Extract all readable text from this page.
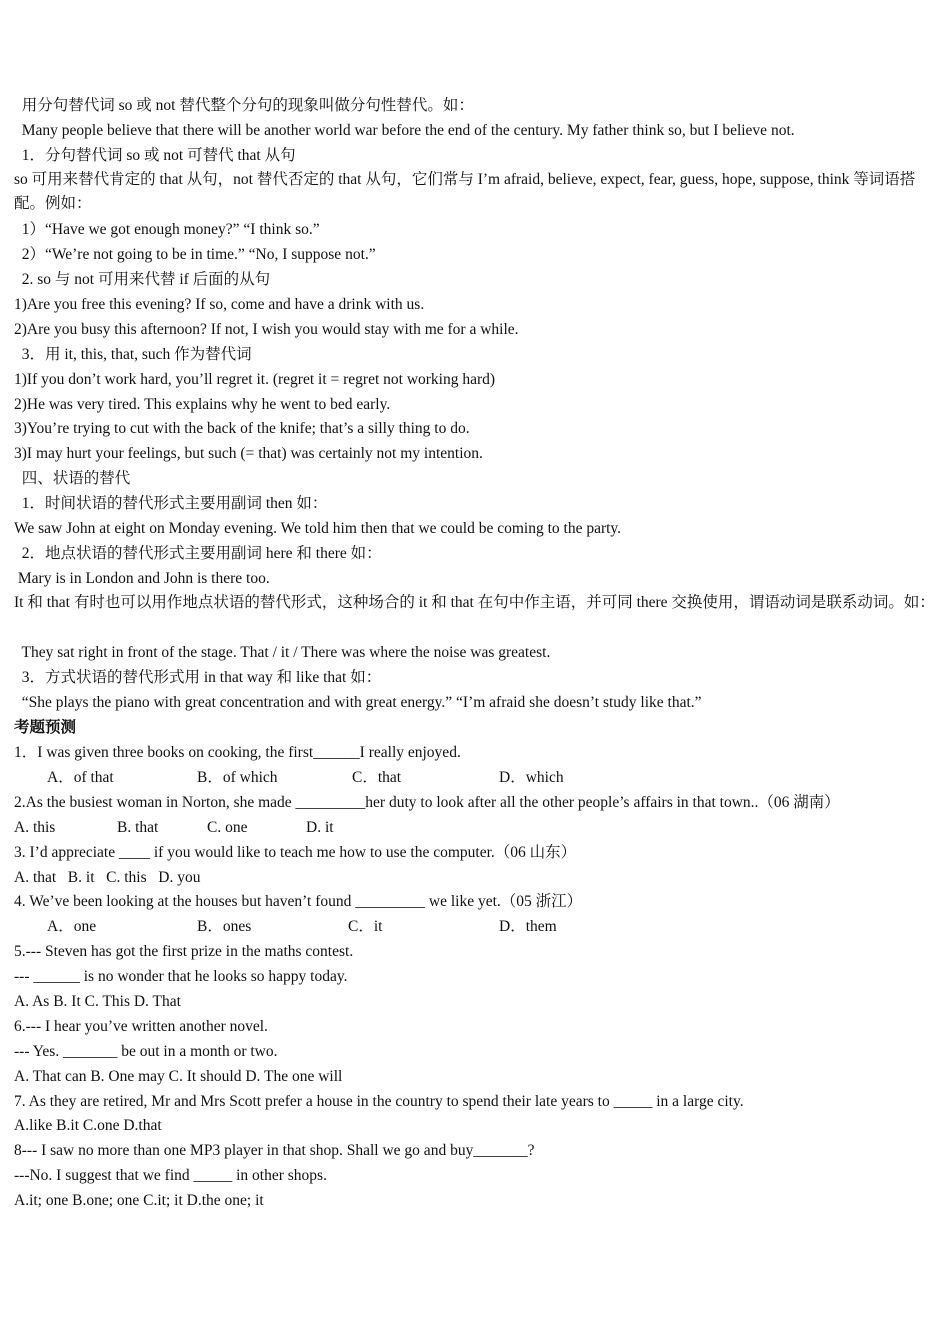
用分句替代词 so 或 not 替代整个分句的现象叫做分句性替代。如：
Many people believe that there will be another world war before the end of the century. My father think so, but I believe not.
1．分句替代词 so 或 not 可替代 that 从句
so 可用来替代肯定的 that 从句，not 替代否定的 that 从句，它们常与 I’m afraid, believe, expect, fear, guess, hope, suppose, think 等词语搭配。例如：
1）“Have we got enough money?” “I think so.”
2）“We’re not going to be in time.” “No, I suppose not.”
2. so 与 not 可用来代替 if 后面的从句
1)Are you free this evening? If so, come and have a drink with us.
2)Are you busy this afternoon? If not, I wish you would stay with me for a while.
3．用 it, this, that, such 作为替代词
1)If you don’t work hard, you’ll regret it. (regret it = regret not working hard)
2)He was very tired. This explains why he went to bed early.
3)You’re trying to cut with the back of the knife; that’s a silly thing to do.
3)I may hurt your feelings, but such (= that) was certainly not my intention.
四、状语的替代
1．时间状语的替代形式主要用副词 then 如：
We saw John at eight on Monday evening. We told him then that we could be coming to the party.
2．地点状语的替代形式主要用副词 here 和 there 如：
Mary is in London and John is there too.
It 和 that 有时也可以用作地点状语的替代形式，这种场合的 it 和 that 在句中作主语，并可同 there 交换使用，谓语动词是联系动词。如：
They sat right in front of the stage. That / it / There was where the noise was greatest.
3．方式状语的替代形式用 in that way 和 like that 如：
“She plays the piano with great concentration and with great energy.” “I’m afraid she doesn’t study like that.”
考题预测
1．I was given three books on cooking, the first______I really enjoyed.
A．of that	B．of which	C．that	D．which
2.As the busiest woman in Norton, she made _________her duty to look after all the other people’s affairs in that town..（06 湖南）
A. this	B. that	C. one	D. it
3. I’d appreciate ____ if you would like to teach me how to use the computer.（06 山东）
A. that   B. it   C. this   D. you
4. We’ve been looking at the houses but haven’t found _________ we like yet.（05 浙江）
A．one	B．ones	C．it	D．them
5.--- Steven has got the first prize in the maths contest.
--- ______ is no wonder that he looks so happy today.
A. As B. It C. This D. That
6.--- I hear you’ve written another novel.
--- Yes. _______ be out in a month or two.
A. That can B. One may C. It should D. The one will
7. As they are retired, Mr and Mrs Scott prefer a house in the country to spend their late years to _____ in a large city.
A.like B.it C.one D.that
8--- I saw no more than one MP3 player in that shop. Shall we go and buy_______?
---No. I suggest that we find _____ in other shops.
A.it; one B.one; one C.it; it D.the one; it
